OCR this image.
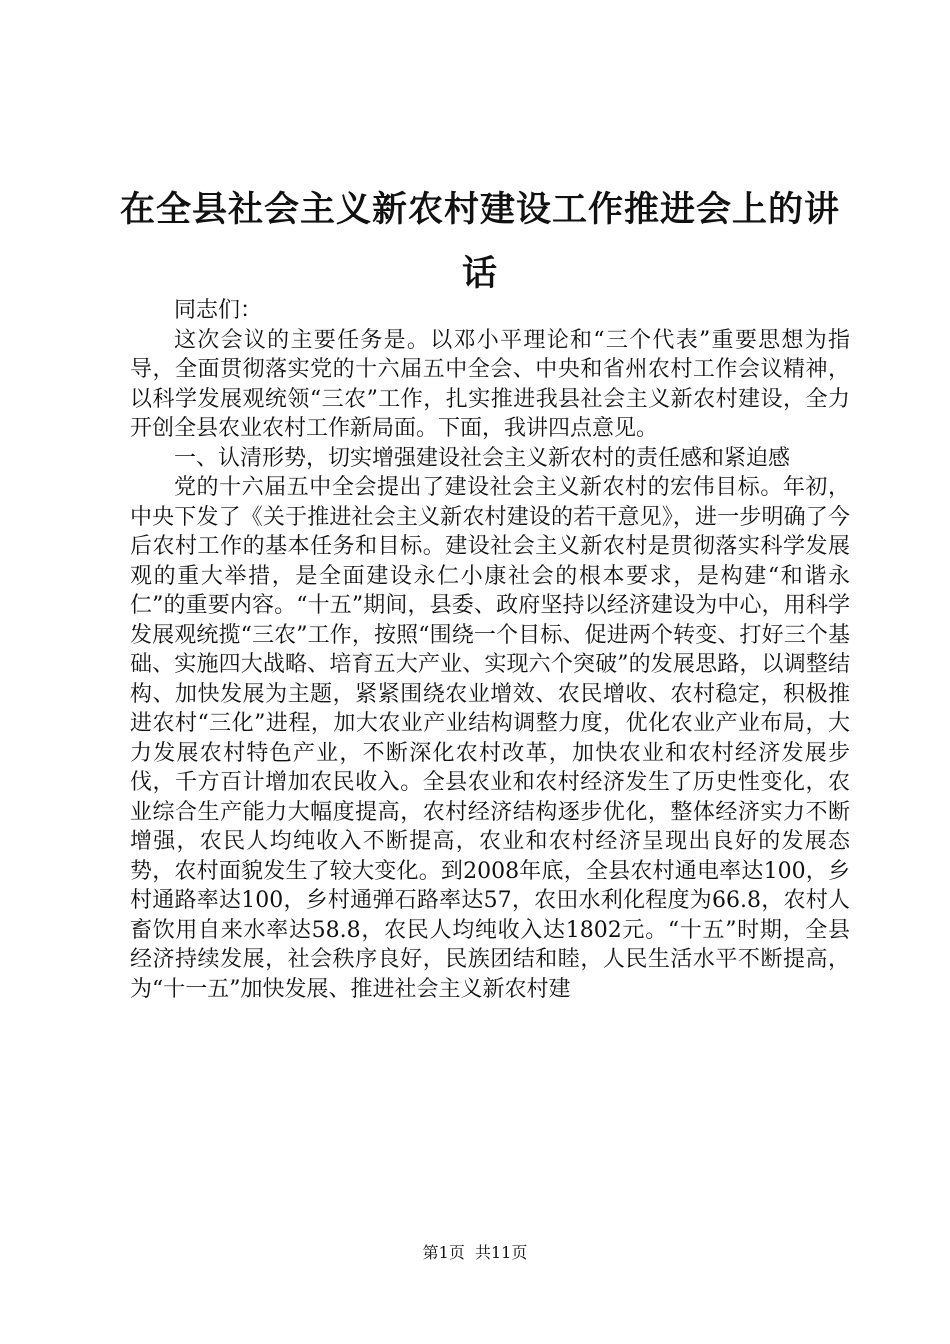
在全县社会主义新农村建设工作推进会上的讲话

同志们：

这次会议的主要任务是。以邓小平理论和“三个代表”重要思想为指导，全面贯彻落实党的十六届五中全会、中央和省州农村工作会议精神，以科学发展观统领“三农”工作，扎实推进我县社会主义新农村建设，全力开创全县农业农村工作新局面。下面，我讲四点意见。

一、认清形势，切实增强建设社会主义新农村的责任感和紧迫感

党的十六届五中全会提出了建设社会主义新农村的宏伟目标。年初，中央下发了《关于推进社会主义新农村建设的若干意见》，进一步明确了今后农村工作的基本任务和目标。建设社会主义新农村是贯彻落实科学发展观的重大举措，是全面建设永仁小康社会的根本要求，是构建“和谐永仁”的重要内容。“十五”期间，县委、政府坚持以经济建设为中心，用科学发展观统揽“三农”工作，按照“围绕一个目标、促进两个转变、打好三个基础、实施四大战略、培育五大产业、实现六个突破”的发展思路，以调整结构、加快发展为主题，紧紧围绕农业增效、农民增收、农村稳定，积极推进农村“三化”进程，加大农业产业结构调整力度，优化农业产业布局，大力发展农村特色产业，不断深化农村改革，加快农业和农村经济发展步伐，千方百计增加农民收入。全县农业和农村经济发生了历史性变化，农业综合生产能力大幅度提高，农村经济结构逐步优化，整体经济实力不断增强，农民人均纯收入不断提高，农业和农村经济呈现出良好的发展态势，农村面貌发生了较大变化。到2008年底，全县农村通电率达100，乡村通路率达100，乡村通弹石路率达57，农田水利化程度为66.8，农村人畜饮用自来水率达58.8，农民人均纯收入达1802元。“十五”时期，全县经济持续发展，社会秩序良好，民族团结和睦，人民生活水平不断提高，为“十一五”加快发展、推进社会主义新农村建

第1页  共11页
